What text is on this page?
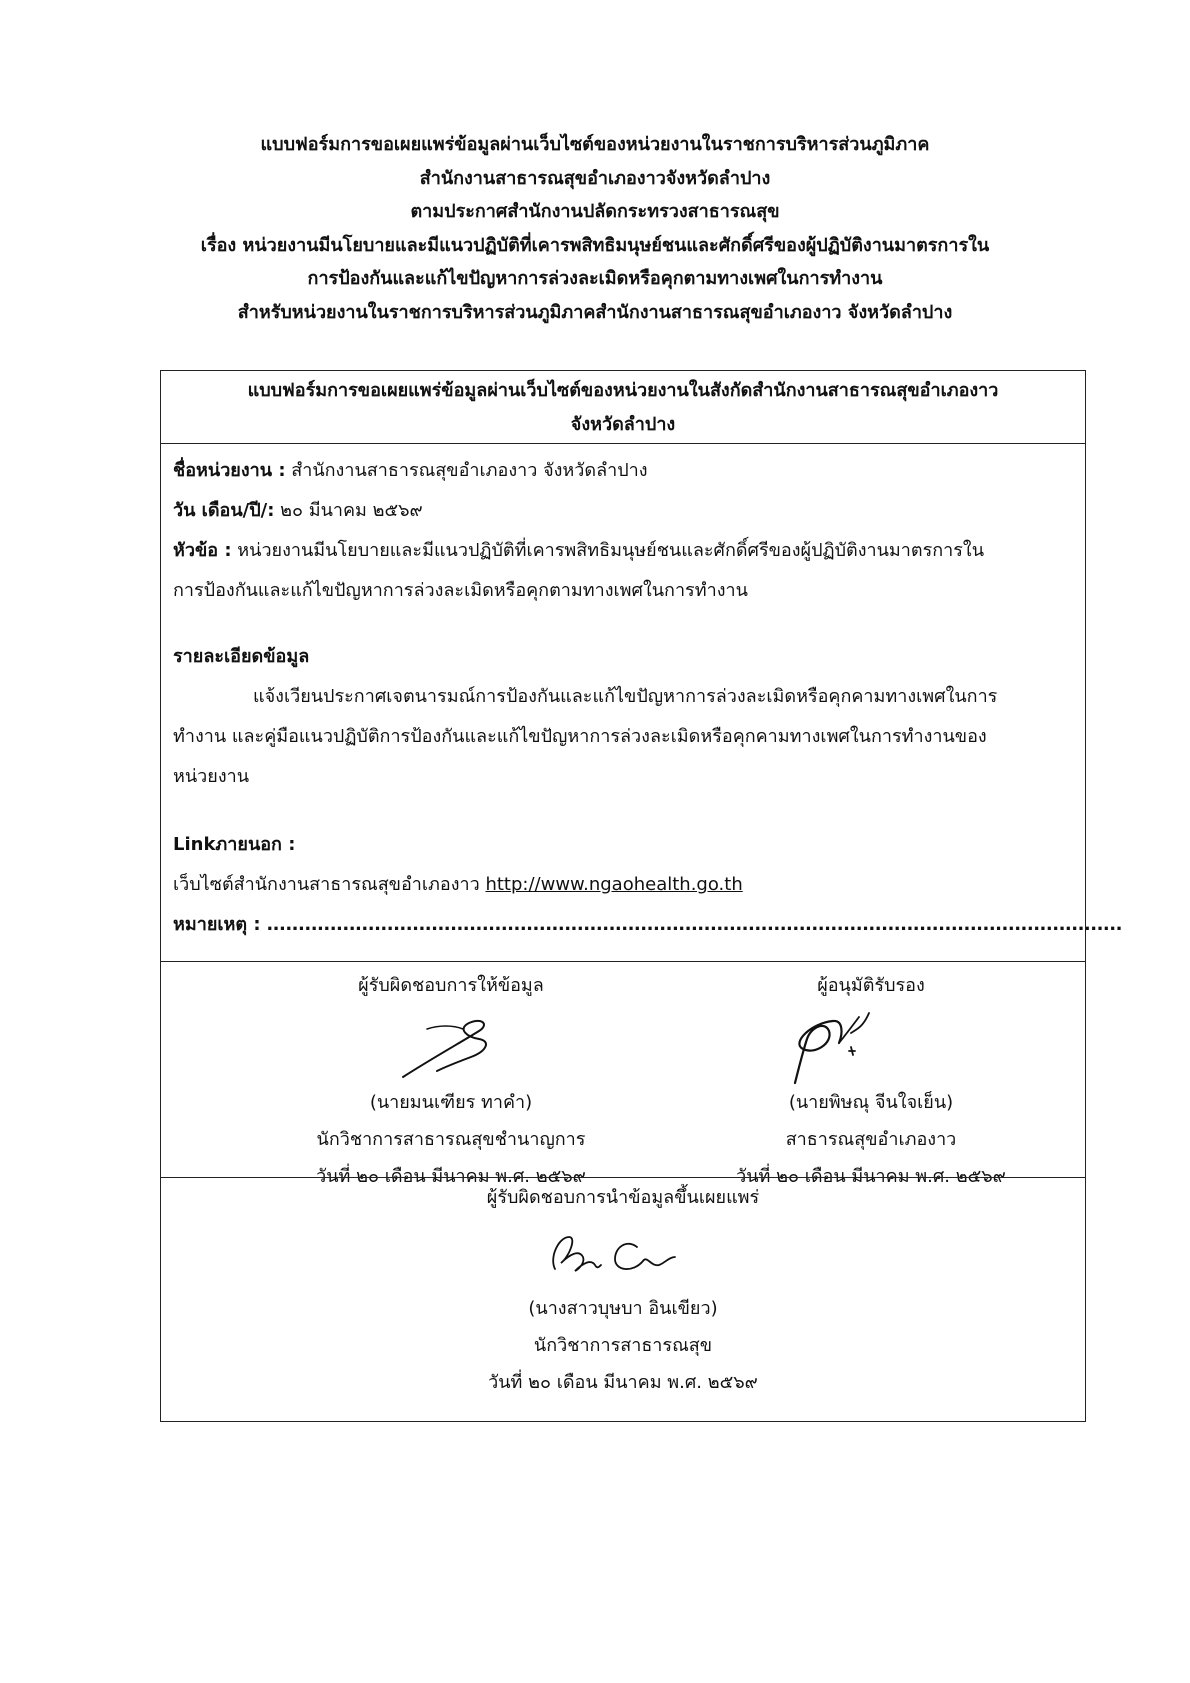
แบบฟอร์มการขอเผยแพร่ข้อมูลผ่านเว็บไซต์ของหน่วยงานในราชการบริหารส่วนภูมิภาค
สำนักงานสาธารณสุขอำเภองาวจังหวัดลำปาง
ตามประกาศสำนักงานปลัดกระทรวงสาธารณสุข
เรื่อง หน่วยงานมีนโยบายและมีแนวปฏิบัติที่เคารพสิทธิมนุษย์ชนและศักดิ์ศรีของผู้ปฏิบัติงานมาตรการใน
การป้องกันและแก้ไขปัญหาการล่วงละเมิดหรือคุกตามทางเพศในการทำงาน
สำหรับหน่วยงานในราชการบริหารส่วนภูมิภาคสำนักงานสาธารณสุขอำเภองาว จังหวัดลำปาง
แบบฟอร์มการขอเผยแพร่ข้อมูลผ่านเว็บไซต์ของหน่วยงานในสังกัดสำนักงานสาธารณสุขอำเภองาว
จังหวัดลำปาง
ชื่อหน่วยงาน : สำนักงานสาธารณสุขอำเภองาว จังหวัดลำปาง
วัน เดือน/ปี/: ๒๐ มีนาคม ๒๕๖๙
หัวข้อ : หน่วยงานมีนโยบายและมีแนวปฏิบัติที่เคารพสิทธิมนุษย์ชนและศักดิ์ศรีของผู้ปฏิบัติงานมาตรการใน
การป้องกันและแก้ไขปัญหาการล่วงละเมิดหรือคุกตามทางเพศในการทำงาน
รายละเอียดข้อมูล
แจ้งเวียนประกาศเจตนารมณ์การป้องกันและแก้ไขปัญหาการล่วงละเมิดหรือคุกคามทางเพศในการ
ทำงาน และคู่มือแนวปฏิบัติการป้องกันและแก้ไขปัญหาการล่วงละเมิดหรือคุกคามทางเพศในการทำงานของ
หน่วยงาน
Linkภายนอก :
เว็บไซต์สำนักงานสาธารณสุขอำเภองาว http://www.ngaohealth.go.th
หมายเหตุ : .......................................................................................................................................
ผู้รับผิดชอบการให้ข้อมูล
(นายมนเฑียร ทาคำ)
นักวิชาการสาธารณสุขชำนาญการ
วันที่ ๒๐ เดือน มีนาคม พ.ศ. ๒๕๖๙
ผู้อนุมัติรับรอง
(นายพิษณุ จีนใจเย็น)
สาธารณสุขอำเภองาว
วันที่ ๒๐ เดือน มีนาคม พ.ศ. ๒๕๖๙
ผู้รับผิดชอบการนำข้อมูลขึ้นเผยแพร่
(นางสาวบุษบา อินเขียว)
นักวิชาการสาธารณสุข
วันที่ ๒๐ เดือน มีนาคม พ.ศ. ๒๕๖๙
